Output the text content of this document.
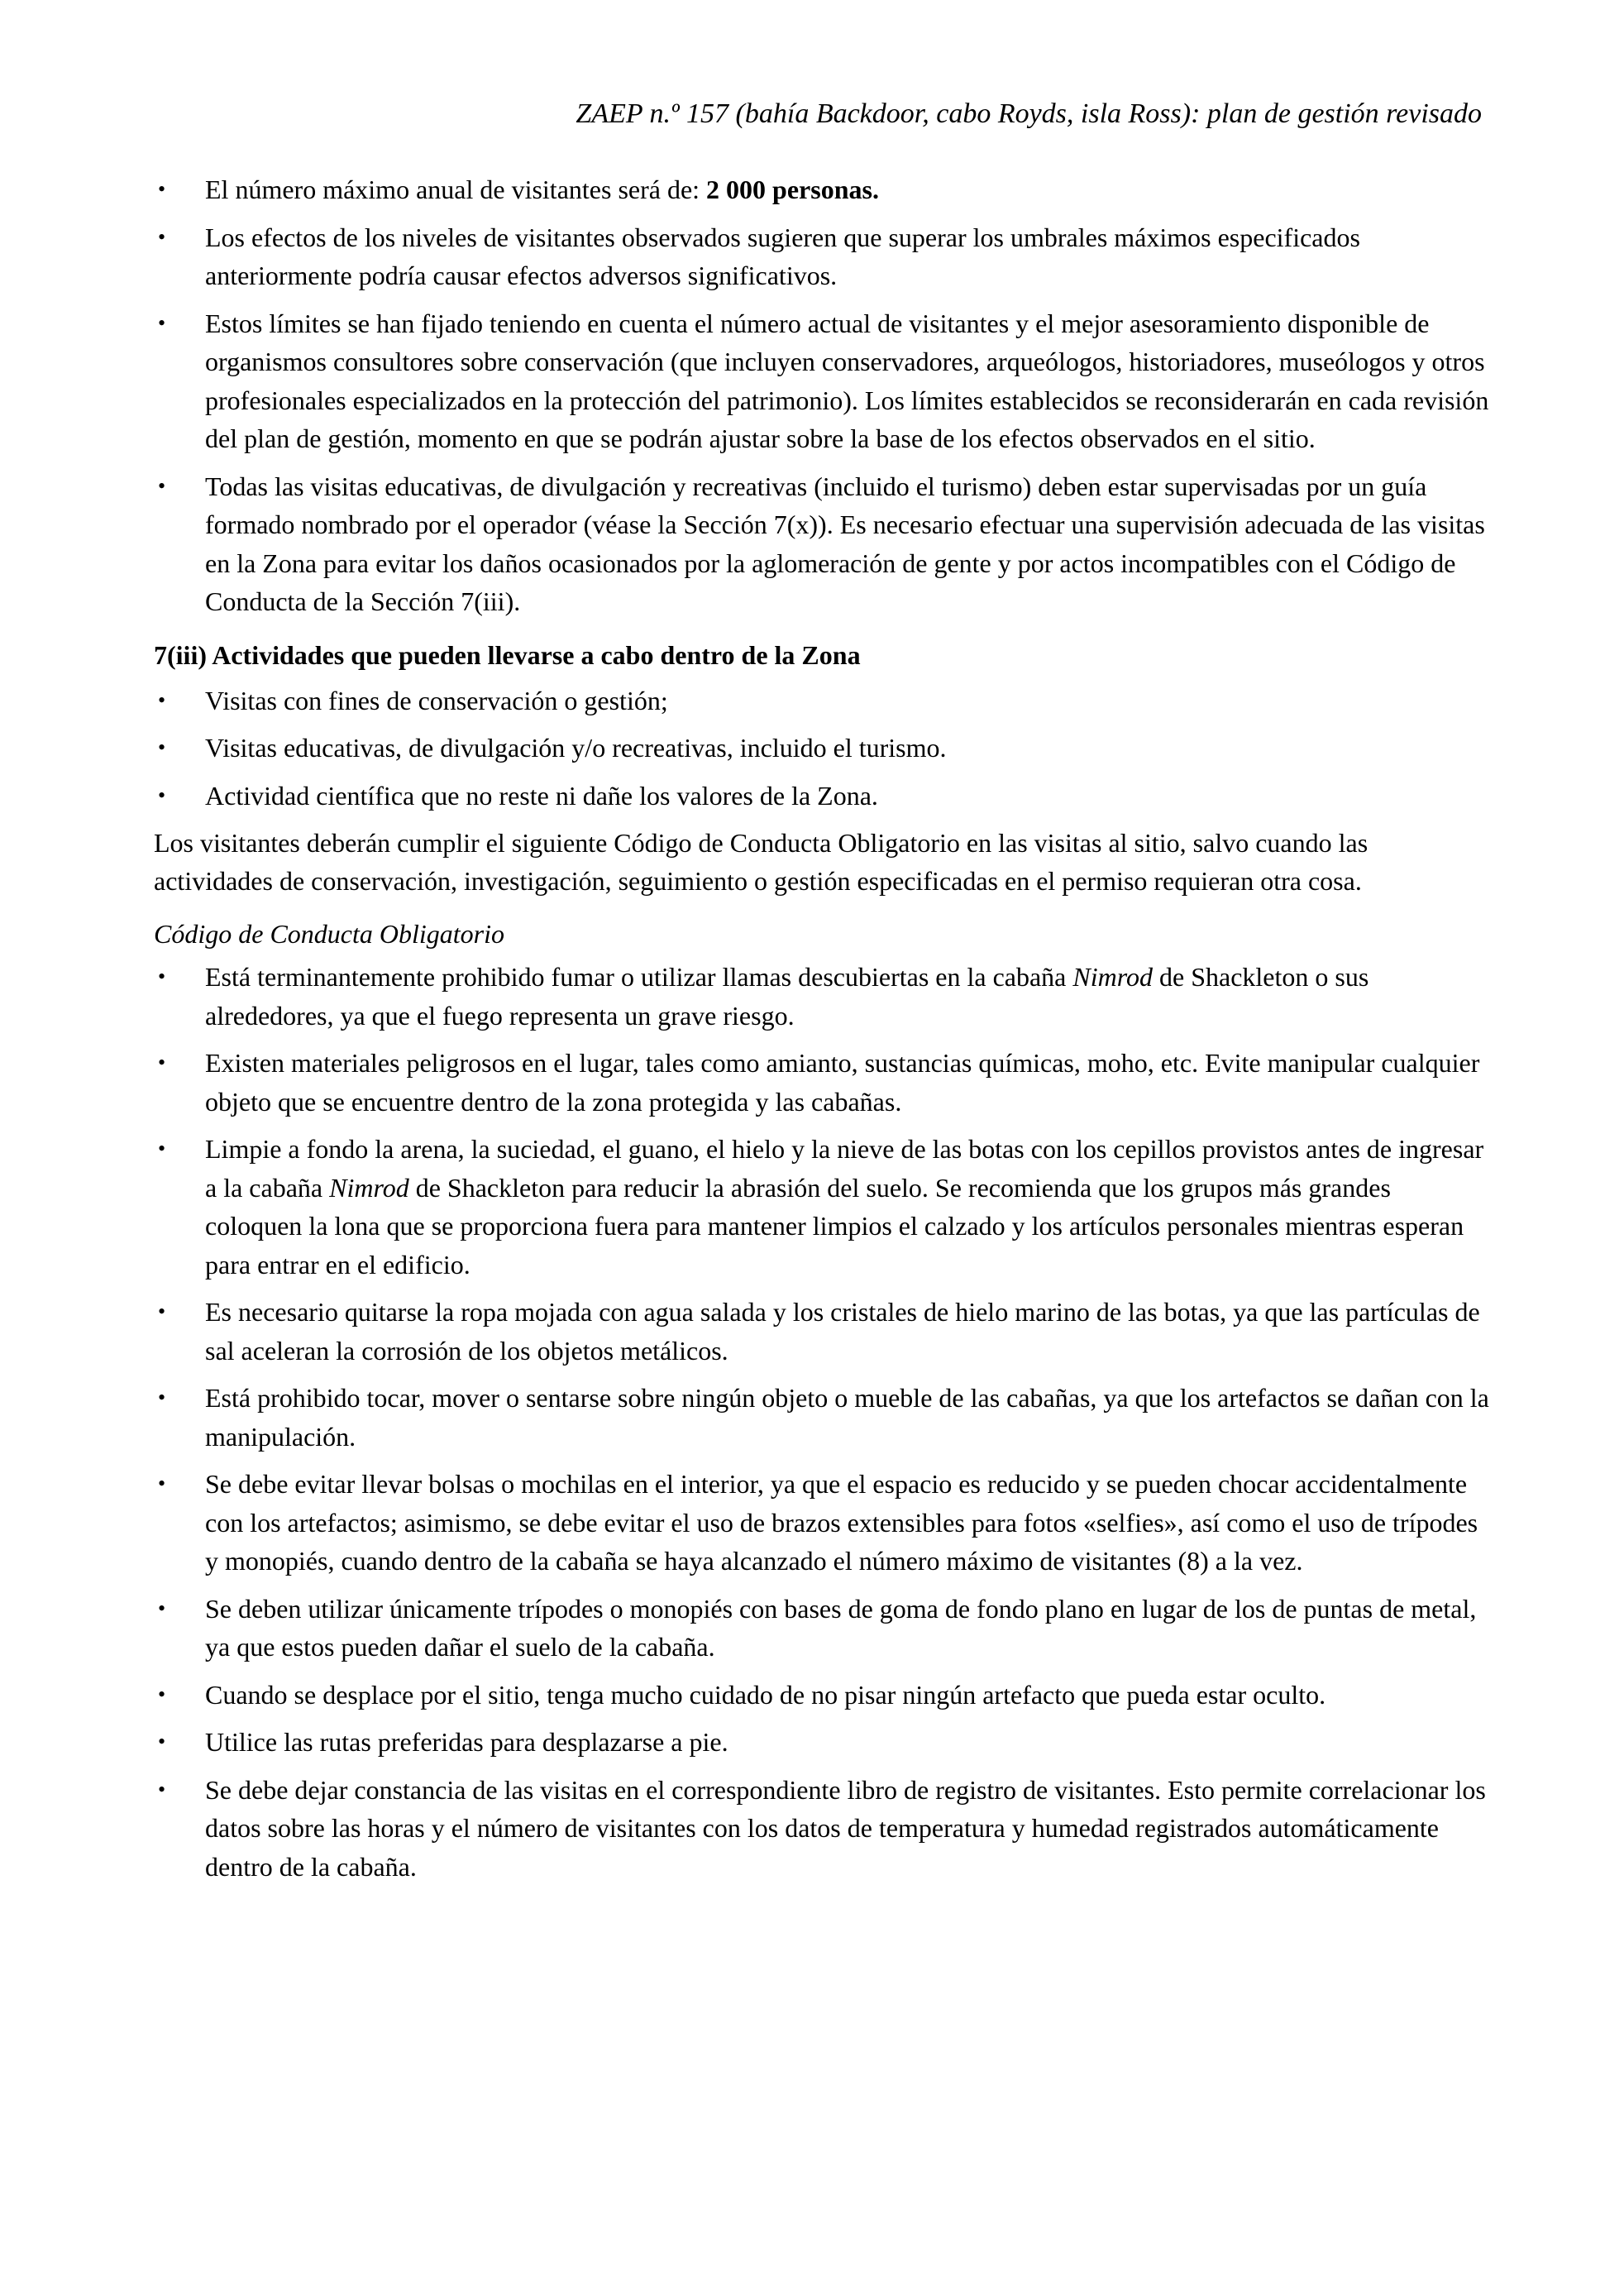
ZAEP n.º 157 (bahía Backdoor, cabo Royds, isla Ross): plan de gestión revisado
• El número máximo anual de visitantes será de: 2 000 personas.
• Los efectos de los niveles de visitantes observados sugieren que superar los umbrales máximos especificados anteriormente podría causar efectos adversos significativos.
• Estos límites se han fijado teniendo en cuenta el número actual de visitantes y el mejor asesoramiento disponible de organismos consultores sobre conservación (que incluyen conservadores, arqueólogos, historiadores, museólogos y otros profesionales especializados en la protección del patrimonio). Los límites establecidos se reconsiderarán en cada revisión del plan de gestión, momento en que se podrán ajustar sobre la base de los efectos observados en el sitio.
• Todas las visitas educativas, de divulgación y recreativas (incluido el turismo) deben estar supervisadas por un guía formado nombrado por el operador (véase la Sección 7(x)). Es necesario efectuar una supervisión adecuada de las visitas en la Zona para evitar los daños ocasionados por la aglomeración de gente y por actos incompatibles con el Código de Conducta de la Sección 7(iii).
7(iii) Actividades que pueden llevarse a cabo dentro de la Zona
• Visitas con fines de conservación o gestión;
• Visitas educativas, de divulgación y/o recreativas, incluido el turismo.
• Actividad científica que no reste ni dañe los valores de la Zona.

Los visitantes deberán cumplir el siguiente Código de Conducta Obligatorio en las visitas al sitio, salvo cuando las actividades de conservación, investigación, seguimiento o gestión especificadas en el permiso requieran otra cosa.

Código de Conducta Obligatorio
• Está terminantemente prohibido fumar o utilizar llamas descubiertas en la cabaña Nimrod de Shackleton o sus alrededores, ya que el fuego representa un grave riesgo.
• Existen materiales peligrosos en el lugar, tales como amianto, sustancias químicas, moho, etc. Evite manipular cualquier objeto que se encuentre dentro de la zona protegida y las cabañas.
• Limpie a fondo la arena, la suciedad, el guano, el hielo y la nieve de las botas con los cepillos provistos antes de ingresar a la cabaña Nimrod de Shackleton para reducir la abrasión del suelo. Se recomienda que los grupos más grandes coloquen la lona que se proporciona fuera para mantener limpios el calzado y los artículos personales mientras esperan para entrar en el edificio.
• Es necesario quitarse la ropa mojada con agua salada y los cristales de hielo marino de las botas, ya que las partículas de sal aceleran la corrosión de los objetos metálicos.
• Está prohibido tocar, mover o sentarse sobre ningún objeto o mueble de las cabañas, ya que los artefactos se dañan con la manipulación.
• Se debe evitar llevar bolsas o mochilas en el interior, ya que el espacio es reducido y se pueden chocar accidentalmente con los artefactos; asimismo, se debe evitar el uso de brazos extensibles para fotos «selfies», así como el uso de trípodes y monopiés, cuando dentro de la cabaña se haya alcanzado el número máximo de visitantes (8) a la vez.
• Se deben utilizar únicamente trípodes o monopiés con bases de goma de fondo plano en lugar de los de puntas de metal, ya que estos pueden dañar el suelo de la cabaña.
• Cuando se desplace por el sitio, tenga mucho cuidado de no pisar ningún artefacto que pueda estar oculto.
• Utilice las rutas preferidas para desplazarse a pie.
• Se debe dejar constancia de las visitas en el correspondiente libro de registro de visitantes. Esto permite correlacionar los datos sobre las horas y el número de visitantes con los datos de temperatura y humedad registrados automáticamente dentro de la cabaña.
